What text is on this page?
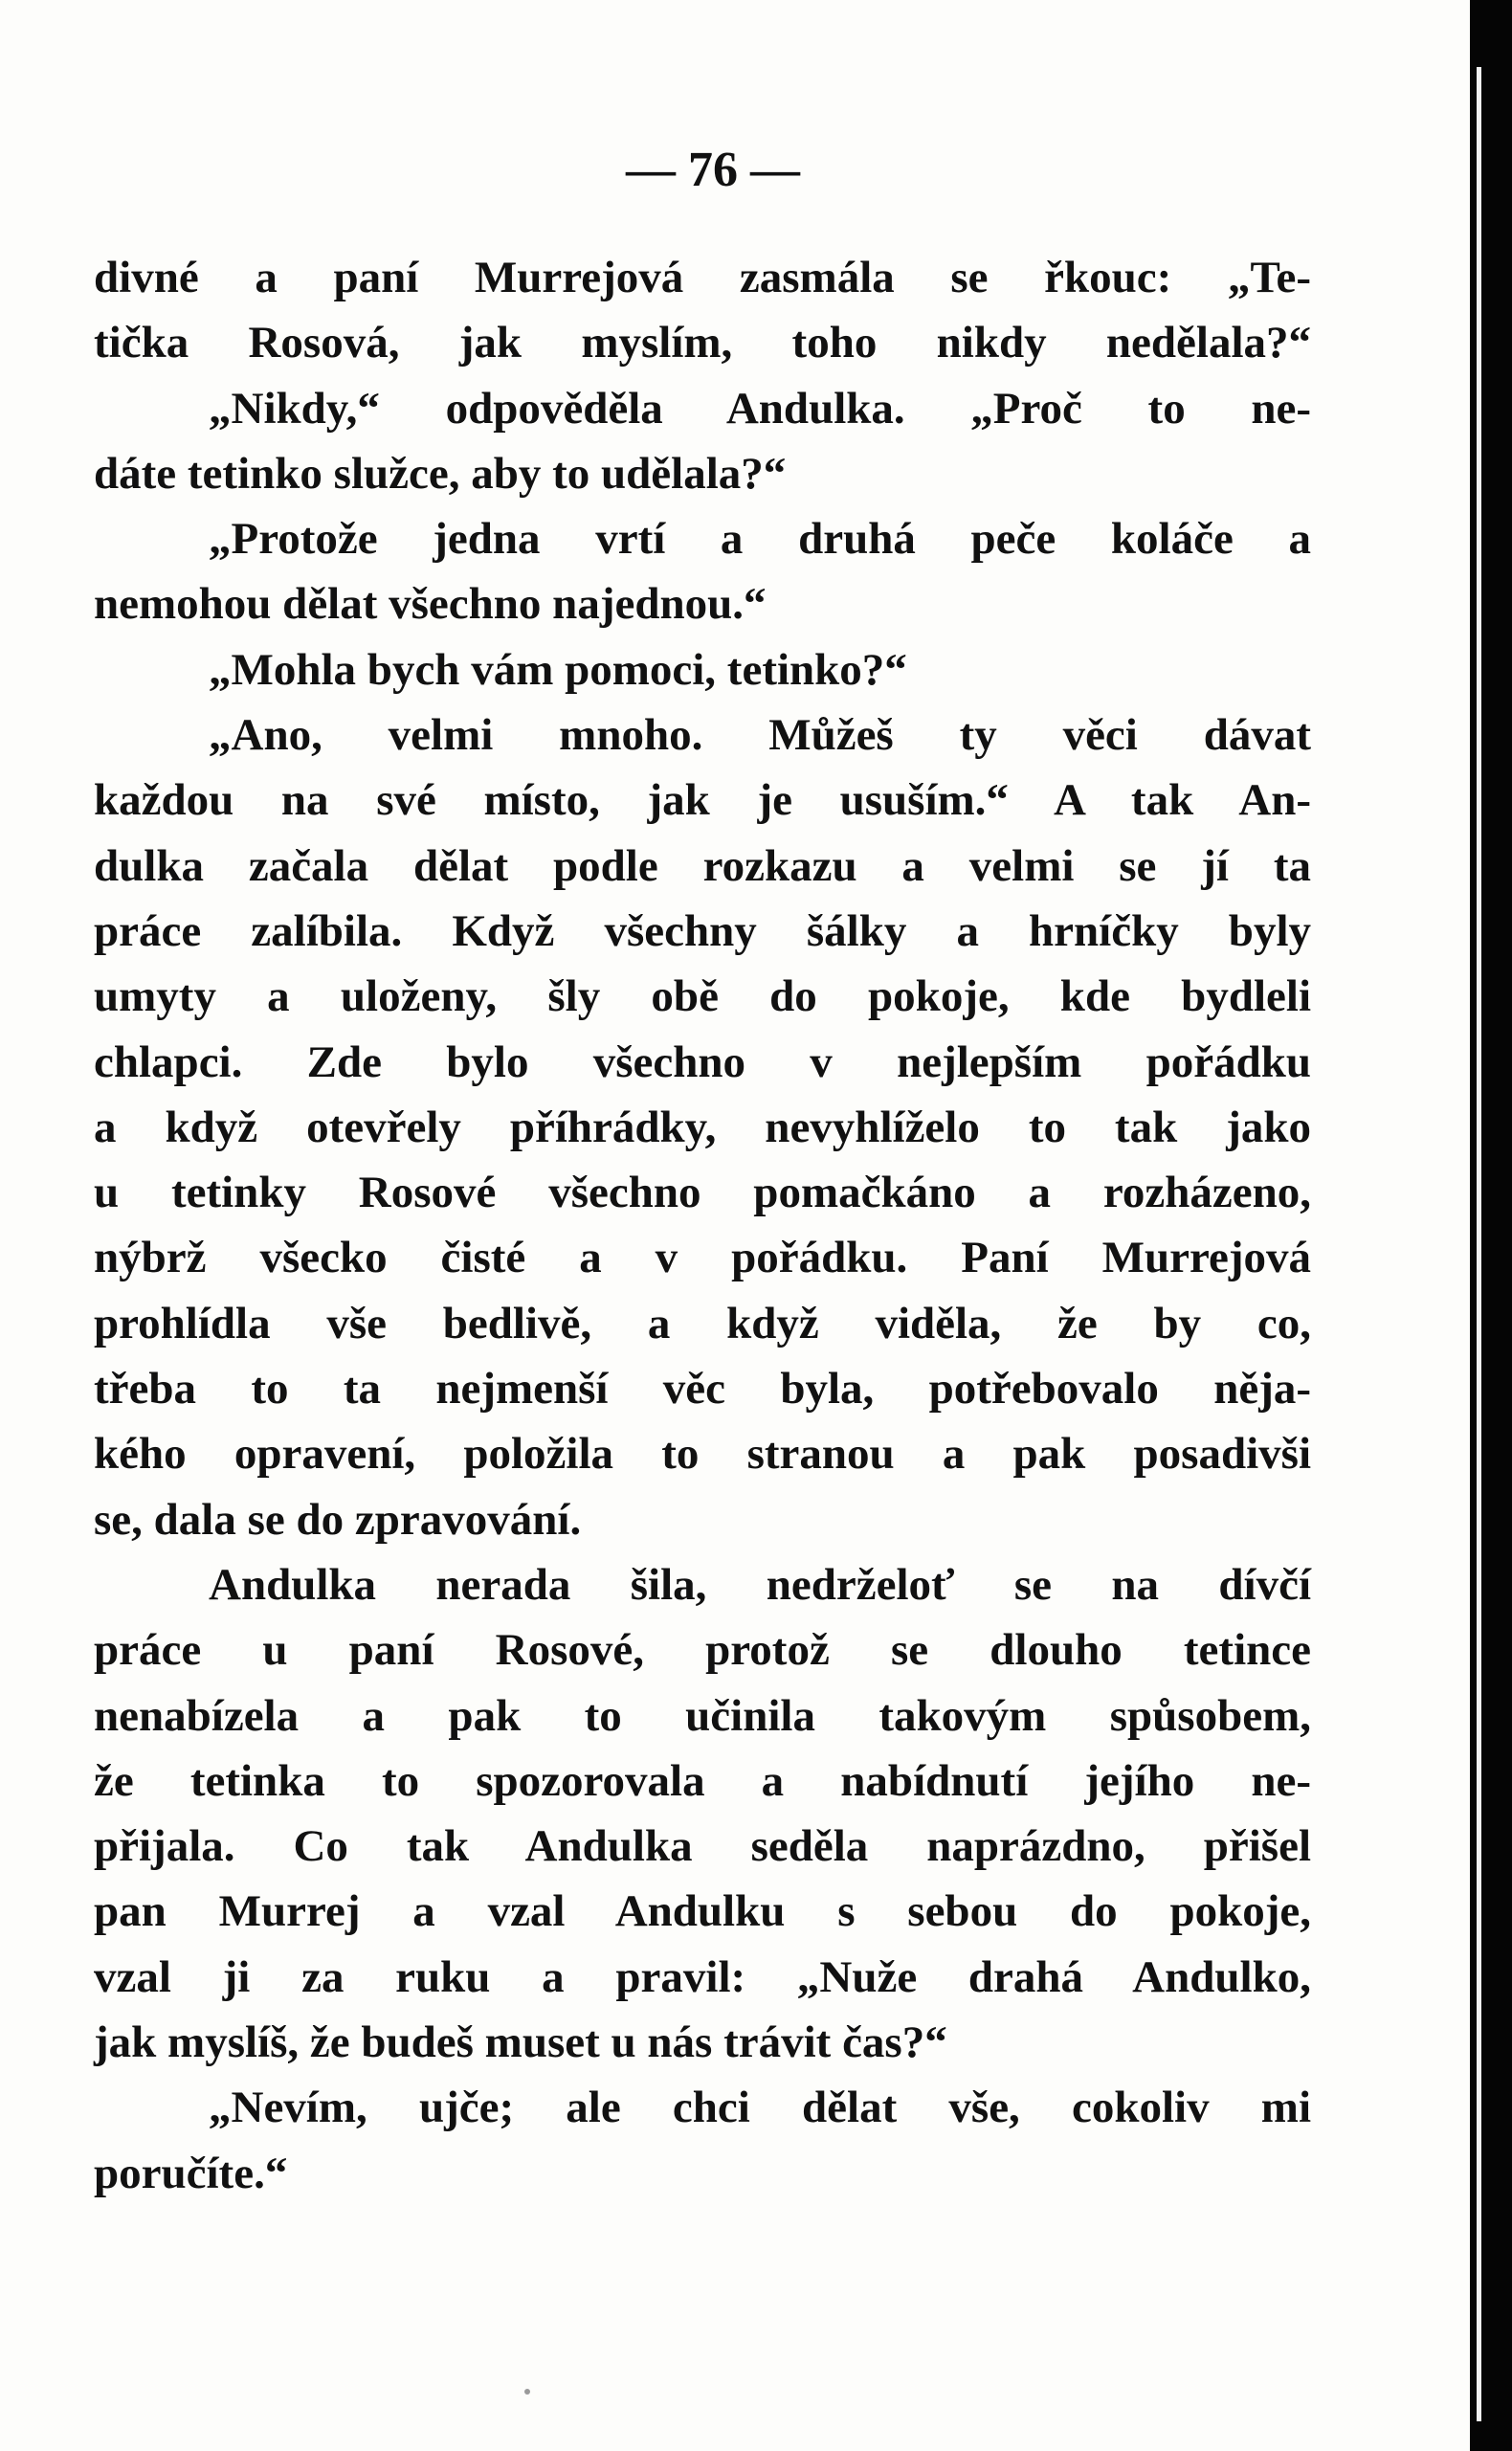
— 76 —
divné a paní Murrejová zasmála se řkouc: „Te-
tička Rosová, jak myslím, toho nikdy nedělala?“
„Nikdy,“ odpověděla Andulka. „Proč to ne-
dáte tetinko služce, aby to udělala?“
„Protože jedna vrtí a druhá peče koláče a
nemohou dělat všechno najednou.“
„Mohla bych vám pomoci, tetinko?“
„Ano, velmi mnoho. Můžeš ty věci dávat
každou na své místo, jak je usuším.“ A tak An-
dulka začala dělat podle rozkazu a velmi se jí ta
práce zalíbila. Když všechny šálky a hrníčky byly
umyty a uloženy, šly obě do pokoje, kde bydleli
chlapci. Zde bylo všechno v nejlepším pořádku
a když otevřely příhrádky, nevyhlíželo to tak jako
u tetinky Rosové všechno pomačkáno a rozházeno,
nýbrž všecko čisté a v pořádku. Paní Murrejová
prohlídla vše bedlivě, a když viděla, že by co,
třeba to ta nejmenší věc byla, potřebovalo něja-
kého opravení, položila to stranou a pak posadivši
se, dala se do zpravování.
Andulka nerada šila, nedrželoť se na dívčí
práce u paní Rosové, protož se dlouho tetince
nenabízela a pak to učinila takovým spůsobem,
že tetinka to spozorovala a nabídnutí jejího ne-
přijala. Co tak Andulka seděla naprázdno, přišel
pan Murrej a vzal Andulku s sebou do pokoje,
vzal ji za ruku a pravil: „Nuže drahá Andulko,
jak myslíš, že budeš muset u nás trávit čas?“
„Nevím, ujče; ale chci dělat vše, cokoliv mi
poručíte.“
